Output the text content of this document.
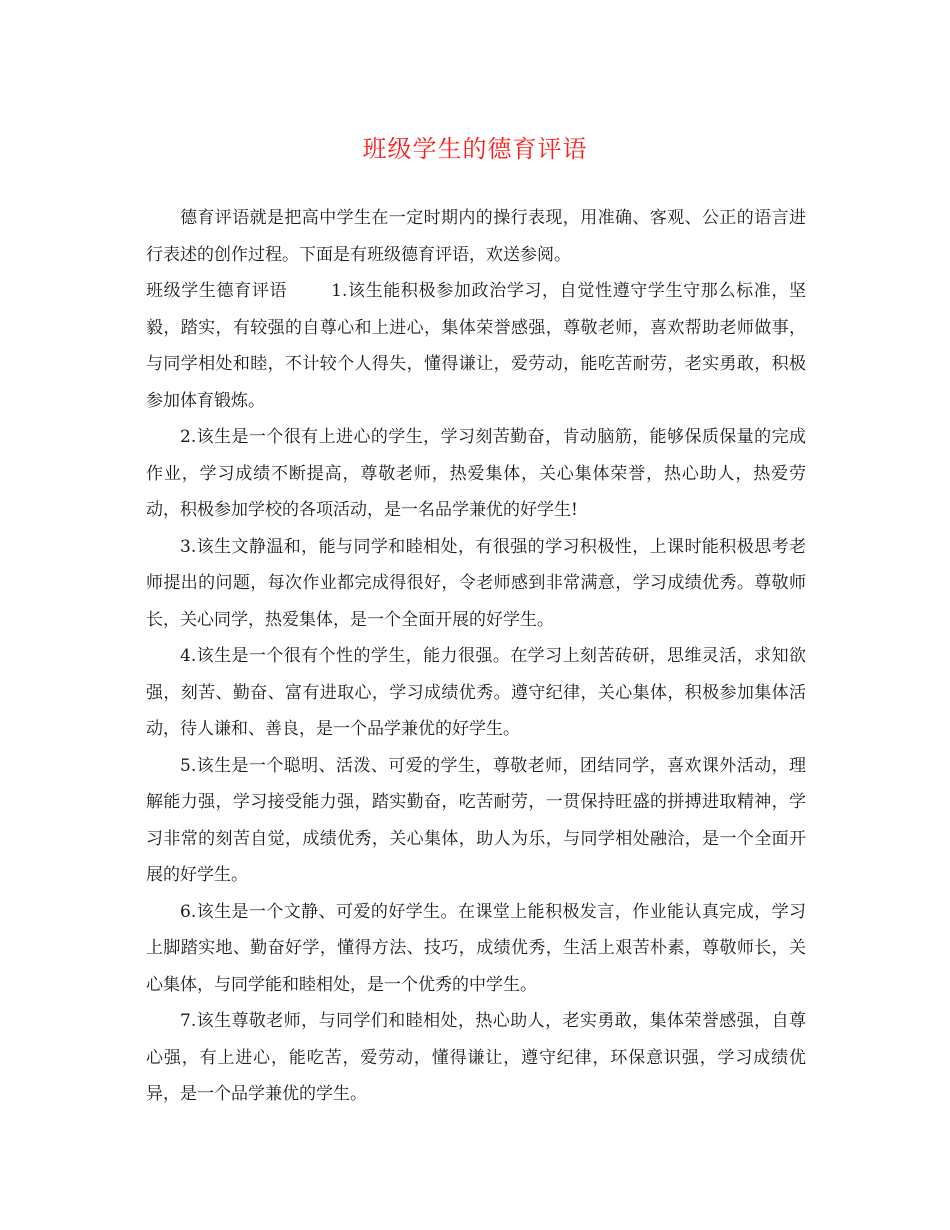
班级学生的德育评语

德育评语就是把高中学生在一定时期内的操行表现，用准确、客观、公正的语言进行表述的创作过程。下面是有班级德育评语，欢送参阅。

班级学生德育评语	1.该生能积极参加政治学习，自觉性遵守学生守那么标准，坚毅，踏实，有较强的自尊心和上进心，集体荣誉感强，尊敬老师，喜欢帮助老师做事，与同学相处和睦，不计较个人得失，懂得谦让，爱劳动，能吃苦耐劳，老实勇敢，积极参加体育锻炼。

2.该生是一个很有上进心的学生，学习刻苦勤奋，肯动脑筋，能够保质保量的完成作业，学习成绩不断提高，尊敬老师，热爱集体，关心集体荣誉，热心助人，热爱劳动，积极参加学校的各项活动，是一名品学兼优的好学生!

3.该生文静温和，能与同学和睦相处，有很强的学习积极性，上课时能积极思考老师提出的问题，每次作业都完成得很好，令老师感到非常满意，学习成绩优秀。尊敬师长，关心同学，热爱集体，是一个全面开展的好学生。

4.该生是一个很有个性的学生，能力很强。在学习上刻苦砖研，思维灵活，求知欲强，刻苦、勤奋、富有进取心，学习成绩优秀。遵守纪律，关心集体，积极参加集体活动，待人谦和、善良，是一个品学兼优的好学生。

5.该生是一个聪明、活泼、可爱的学生，尊敬老师，团结同学，喜欢课外活动，理解能力强，学习接受能力强，踏实勤奋，吃苦耐劳，一贯保持旺盛的拼搏进取精神，学习非常的刻苦自觉，成绩优秀，关心集体，助人为乐，与同学相处融洽，是一个全面开展的好学生。

6.该生是一个文静、可爱的好学生。在课堂上能积极发言，作业能认真完成，学习上脚踏实地、勤奋好学，懂得方法、技巧，成绩优秀，生活上艰苦朴素，尊敬师长，关心集体，与同学能和睦相处，是一个优秀的中学生。

7.该生尊敬老师，与同学们和睦相处，热心助人，老实勇敢，集体荣誉感强，自尊心强，有上进心，能吃苦，爱劳动，懂得谦让，遵守纪律，环保意识强，学习成绩优异，是一个品学兼优的学生。
